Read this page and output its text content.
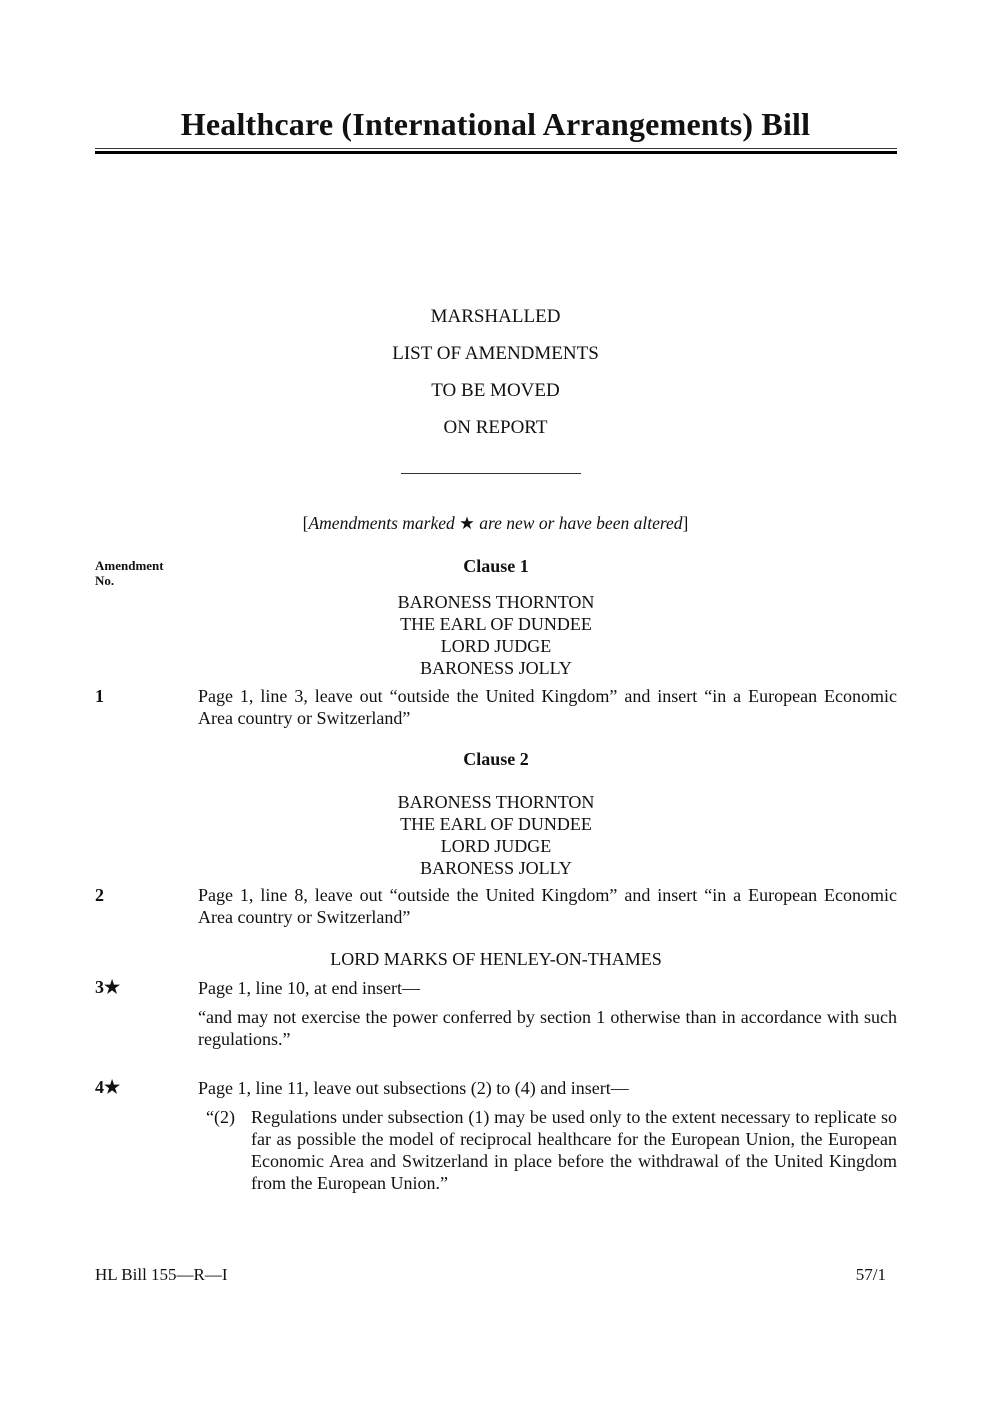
Healthcare (International Arrangements) Bill
MARSHALLED
LIST OF AMENDMENTS
TO BE MOVED
ON REPORT
[Amendments marked ★ are new or have been altered]
Amendment
No.
Clause 1
BARONESS THORNTON
THE EARL OF DUNDEE
LORD JUDGE
BARONESS JOLLY
1	Page 1, line 3, leave out “outside the United Kingdom” and insert “in a European Economic Area country or Switzerland”
Clause 2
BARONESS THORNTON
THE EARL OF DUNDEE
LORD JUDGE
BARONESS JOLLY
2	Page 1, line 8, leave out “outside the United Kingdom” and insert “in a European Economic Area country or Switzerland”
LORD MARKS OF HENLEY-ON-THAMES
3★	Page 1, line 10, at end insert—
“and may not exercise the power conferred by section 1 otherwise than in accordance with such regulations.”
4★	Page 1, line 11, leave out subsections (2) to (4) and insert—
“(2) Regulations under subsection (1) may be used only to the extent necessary to replicate so far as possible the model of reciprocal healthcare for the European Union, the European Economic Area and Switzerland in place before the withdrawal of the United Kingdom from the European Union.”
HL Bill 155—R—I	57/1
